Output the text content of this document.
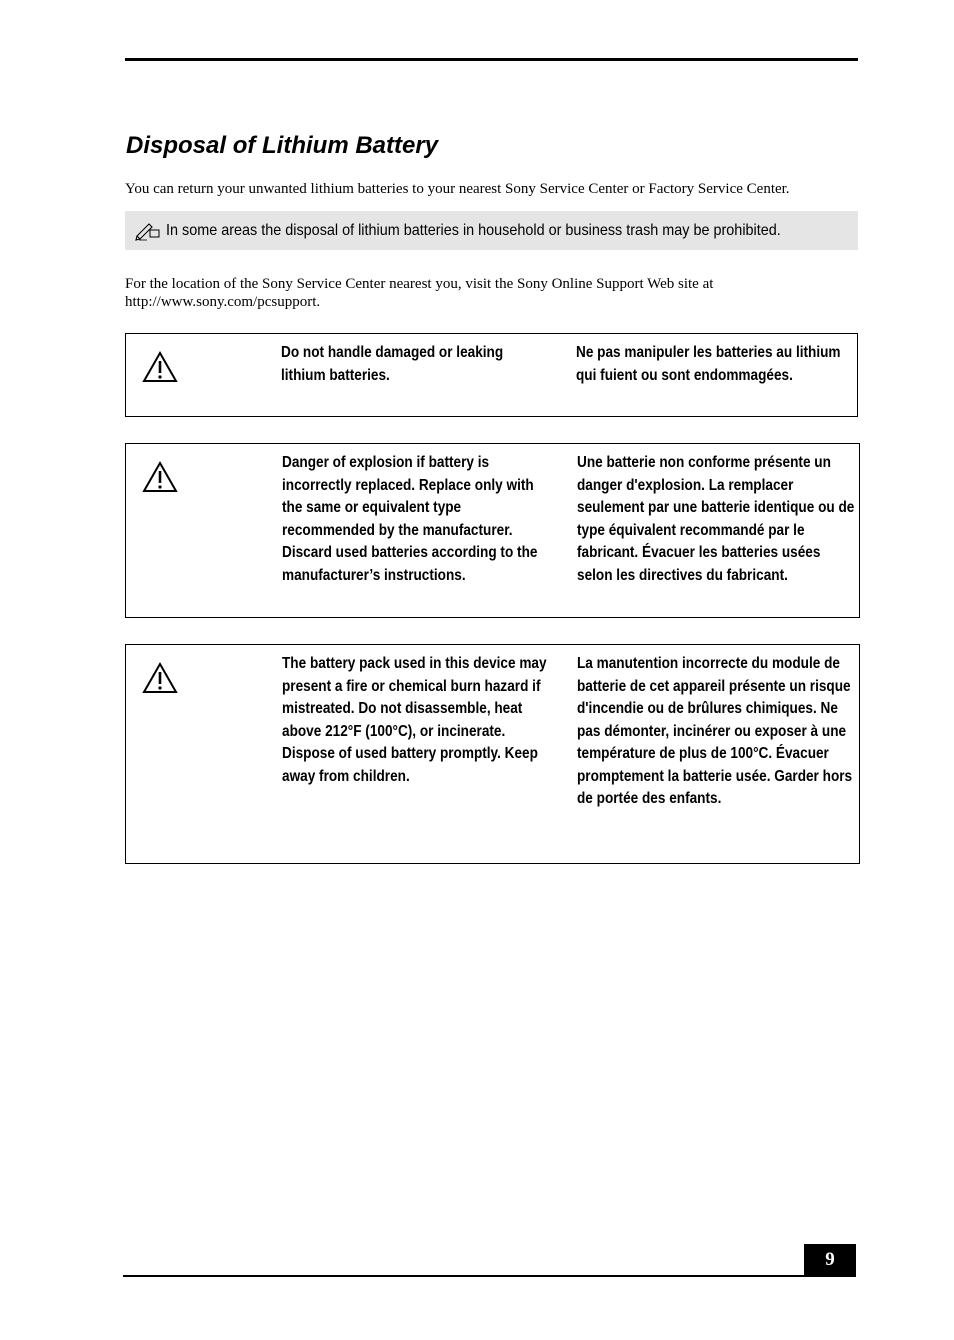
Disposal of Lithium Battery

You can return your unwanted lithium batteries to your nearest Sony Service Center or Factory Service Center.

In some areas the disposal of lithium batteries in household or business trash may be prohibited.

For the location of the Sony Service Center nearest you, visit the Sony Online Support Web site at http://www.sony.com/pcsupport.

Do not handle damaged or leaking lithium batteries.
Ne pas manipuler les batteries au lithium qui fuient ou sont endommagées.
Danger of explosion if battery is incorrectly replaced. Replace only with the same or equivalent type recommended by the manufacturer. Discard used batteries according to the manufacturer’s instructions.
Une batterie non conforme présente un danger d'explosion. La remplacer seulement par une batterie identique ou de type équivalent recommandé par le fabricant. Évacuer les batteries usées selon les directives du fabricant.
The battery pack used in this device may present a fire or chemical burn hazard if mistreated. Do not disassemble, heat above 212°F (100°C), or incinerate. Dispose of used battery promptly. Keep away from children.
La manutention incorrecte du module de batterie de cet appareil présente un risque d'incendie ou de brûlures chimiques. Ne pas démonter, incinérer ou exposer à une température de plus de 100°C. Évacuer promptement la batterie usée. Garder hors de portée des enfants.
9
